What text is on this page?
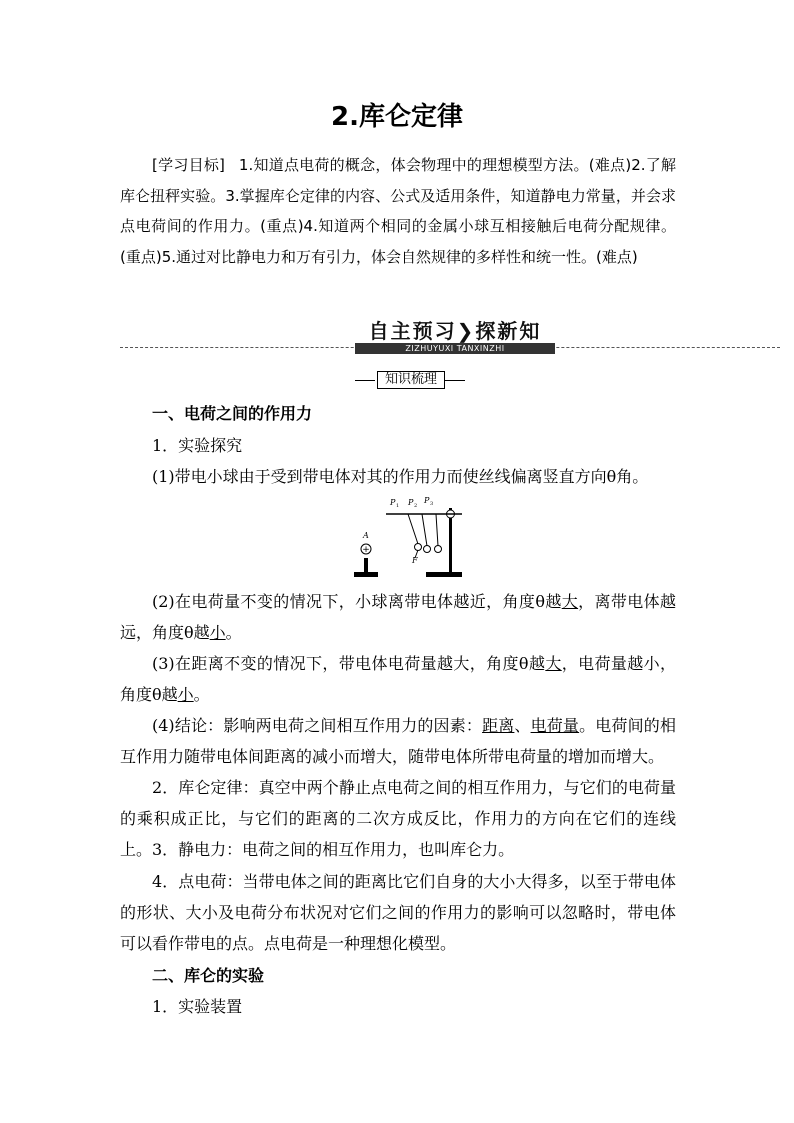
2.库仑定律
[学习目标] 1.知道点电荷的概念，体会物理中的理想模型方法。(难点)2.了解库仑扭秤实验。3.掌握库仑定律的内容、公式及适用条件，知道静电力常量，并会求点电荷间的作用力。(重点)4.知道两个相同的金属小球互相接触后电荷分配规律。(重点)5.通过对比静电力和万有引力，体会自然规律的多样性和统一性。(难点)
自主预习❯探新知
ZIZHUYUXI TANXINZHI
知识梳理
一、电荷之间的作用力
1．实验探究
(1)带电小球由于受到带电体对其的作用力而使丝线偏离竖直方向θ角。
+
A
F
P 1 P 2
P 3
(2)在电荷量不变的情况下，小球离带电体越近，角度θ越大，离带电体越远，角度θ越小。
(3)在距离不变的情况下，带电体电荷量越大，角度θ越大，电荷量越小，角度θ越小。
(4)结论：影响两电荷之间相互作用力的因素：距离、电荷量。电荷间的相互作用力随带电体间距离的减小而增大，随带电体所带电荷量的增加而增大。
2．库仑定律：真空中两个静止点电荷之间的相互作用力，与它们的电荷量的乘积成正比，与它们的距离的二次方成反比，作用力的方向在它们的连线上。 3．静电力：电荷之间的相互作用力，也叫库仑力。
4．点电荷：当带电体之间的距离比它们自身的大小大得多，以至于带电体的形状、大小及电荷分布状况对它们之间的作用力的影响可以忽略时，带电体可以看作带电的点。点电荷是一种理想化模型。
二、库仑的实验
1．实验装置
